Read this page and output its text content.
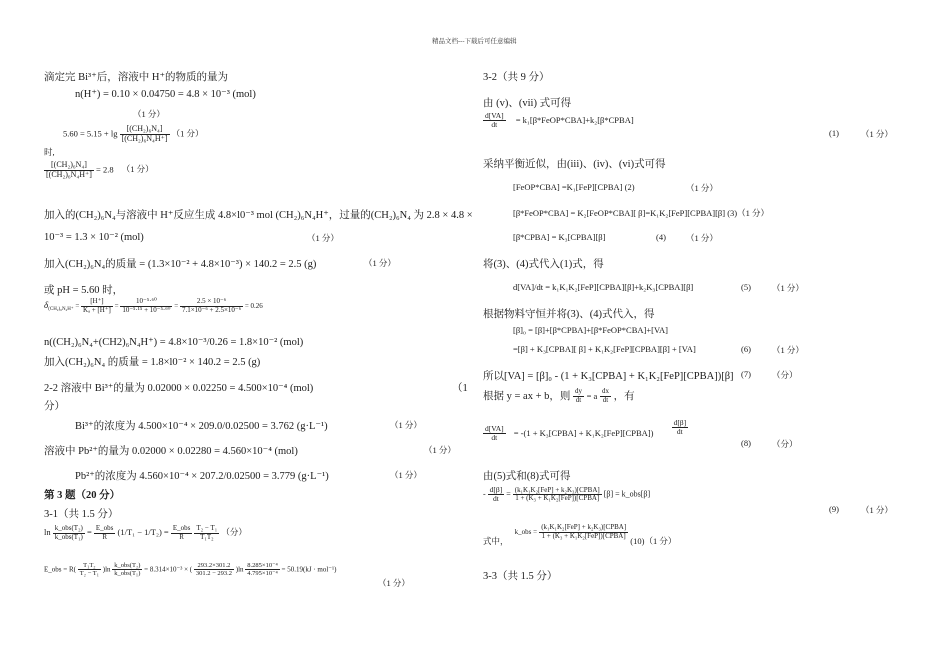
精品文档---下载后可任意编辑
滴定完 Bi³⁺后，溶液中 H⁺的物质的量为
n(H⁺) = 0.10 × 0.04750 = 4.8 × 10⁻³ (mol)
（1 分）
$5.60 = 5.15 + \lg \frac{\text{[(CH₂)₆N₄]}}{\text{[(CH₂)₆N₄H⁺]}} (1$ 分）
时,
$\frac{\text{[(CH₂)₆N₄]}}{\text{[(CH₂)₆N₄H⁺]}} = 2.8$ （1 分）
加入的(CH₂)₆N₄与溶液中 H⁺反应生成 4.8×l0⁻³ mol (CH₂)₆N₄H⁺，过量的(CH₂)₆N₄ 为 2.8 × 4.8 ×
10⁻³ = 1.3 × 10⁻² (mol)	（1 分）
加入(CH₂)₆N₄的质量 = (1.3×10⁻² + 4.8×10⁻³) × 140.2 = 2.5 (g)	（1 分）
或 pH = 5.60 时，
$\delta_{(CH_2)_6N_4H^+} = \frac{[H^+]}{\text{Kₐ + [H⁺]}} = \frac{\text{10⁻⁵·⁶⁰}}{\text{10⁻⁵·¹⁵ + 10⁻⁵·⁶⁰}} = \frac{\text{2.5 × 10⁻⁶}}{\text{7.1×10⁻⁶ + 2.5×10⁻⁶}} = 0.26$
n((CH₂)₆N₄+(CH2)₆N₄H⁺) = 4.8×10⁻³/0.26 = 1.8×10⁻² (mol)
加入(CH₂)₆N₄ 的质量 = 1.8×l0⁻² × 140.2 = 2.5 (g)
2-2 溶液中 Bi³⁺的量为 0.02000 × 0.02250 = 4.500×10⁻⁴ (mol)	（1
分）
Bi³⁺的浓度为 4.500×10⁻⁴ × 209.0/0.02500 = 3.762 (g·L⁻¹)	（1 分）
溶液中 Pb²⁺的量为 0.02000 × 0.02280 = 4.560×10⁻⁴ (mol)	（1 分）
Pb²⁺的浓度为 4.560×10⁻⁴ × 207.2/0.02500 = 3.779 (g·L⁻¹)	（1 分）
第 3 题（20 分）
3-1（共 1.5 分）
ln k_obs(T₂)
k_obs(T₁) = E_obs
R	(1/T₁ − 1/T₂) = E_obs
R
	$\frac{\text{T₂ − T₁}}{\text{T₁T₂}}$ （分）
E_obs = $R( \frac{\text{T₁T₂}}{\text{T₂ − T₁}} )\ln$ k_obs(T₂)
k_obs(T₁)
= 8.314×10⁻³ × ( $\frac{293.2\times 301.2}{301.2 - 293.2} )\ln \frac{\text{8.285×10⁻⁴}}{\text{4.795×10⁻⁴}} = 50.19(kJ \cdot mol^{-1})$
（1 分）
3-2（共 9 分）
由 (v)、(vii) 式可得
$\frac{d[VA]}{dt}$ = k₁[β*FeOP*CBA]+k₂[β*CPBA]
(1)	（1 分）
采纳平衡近似，由(iii)、(iv)、(vi)式可得
[FeOP*CBA] =K₁[FeP][CPBA] (2)	（1 分）
[β*FeOP*CBA] = K₂[FeOP*CBA][ β]=K₁K₂[FeP][CPBA][β] (3)（1 分）
[β*CPBA] = K₃[CPBA][β]	(4) （1 分）
将(3)、(4)式代入(1)式，得
d[VA]/dt = k₁K₁K₂[FeP][CPBA][β]+k₂K₃[CPBA][β]	(5) （1 分）
根据物料守恒并将(3)、(4)式代入，得
[β]₀ = [β]+[β*CPBA]+[β*FeOP*CBA]+[VA]
=[β] + K₃[CPBA][ β] + K₁K₂[FeP][CPBA][β] + [VA]	(6) （1 分）
所以[VA] = [β]₀ - (1 + K₃[CPBA] + K₁K₂[FeP][CPBA])[β] (7) （分）
根据 y = ax + b，则 $\frac{dy}{dt} = a \frac{dx}{dt}$ ，有
$\frac{d[VA]}{dt} = -(1$ + K₃[CPBA] + K₁K₂[FeP][CPBA]) $\frac{d[\beta]}{dt}$
(8) （分）
由(5)式和(8)式可得
- $\frac{d[\beta]}{dt}$ =
(k₁K₁K₂[FeP] + k₂K₃)[CPBA]
1 + (K₃ + K₁K₂[FeP])[CPBA] [β] = k_obs[β]
(9)	（1 分）
式中， k_obs =
(k₁K₁K₂[FeP] + k₂K₃)[CPBA]
1 + (K₃ + K₁K₂[FeP])[CPBA]
(10)（1 分）
3-3（共 1.5 分）
